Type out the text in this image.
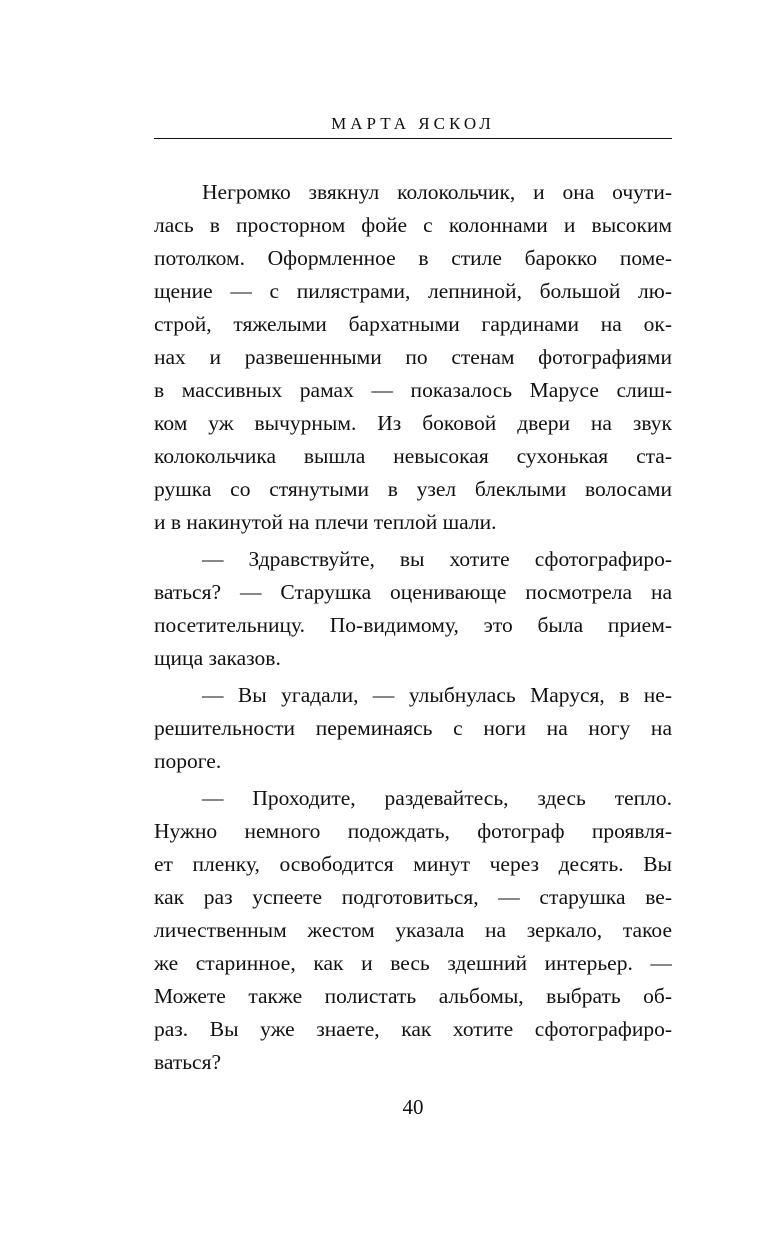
МАРТА ЯСКОЛ
Негромко звякнул колокольчик, и она очути-
лась в просторном фойе с колоннами и высоким
потолком. Оформленное в стиле барокко поме-
щение — с пилястрами, лепниной, большой лю-
строй, тяжелыми бархатными гардинами на ок-
нах и развешенными по стенам фотографиями
в массивных рамах — показалось Марусе слиш-
ком уж вычурным. Из боковой двери на звук
колокольчика вышла невысокая сухонькая ста-
рушка со стянутыми в узел блеклыми волосами
и в накинутой на плечи теплой шали.
— Здравствуйте, вы хотите сфотографиро-
ваться? — Старушка оценивающе посмотрела на
посетительницу. По-видимому, это была прием-
щица заказов.
— Вы угадали, — улыбнулась Маруся, в не-
решительности переминаясь с ноги на ногу на
пороге.
— Проходите, раздевайтесь, здесь тепло.
Нужно немного подождать, фотограф проявля-
ет пленку, освободится минут через десять. Вы
как раз успеете подготовиться, — старушка ве-
личественным жестом указала на зеркало, такое
же старинное, как и весь здешний интерьер. —
Можете также полистать альбомы, выбрать об-
раз. Вы уже знаете, как хотите сфотографиро-
ваться?
40
